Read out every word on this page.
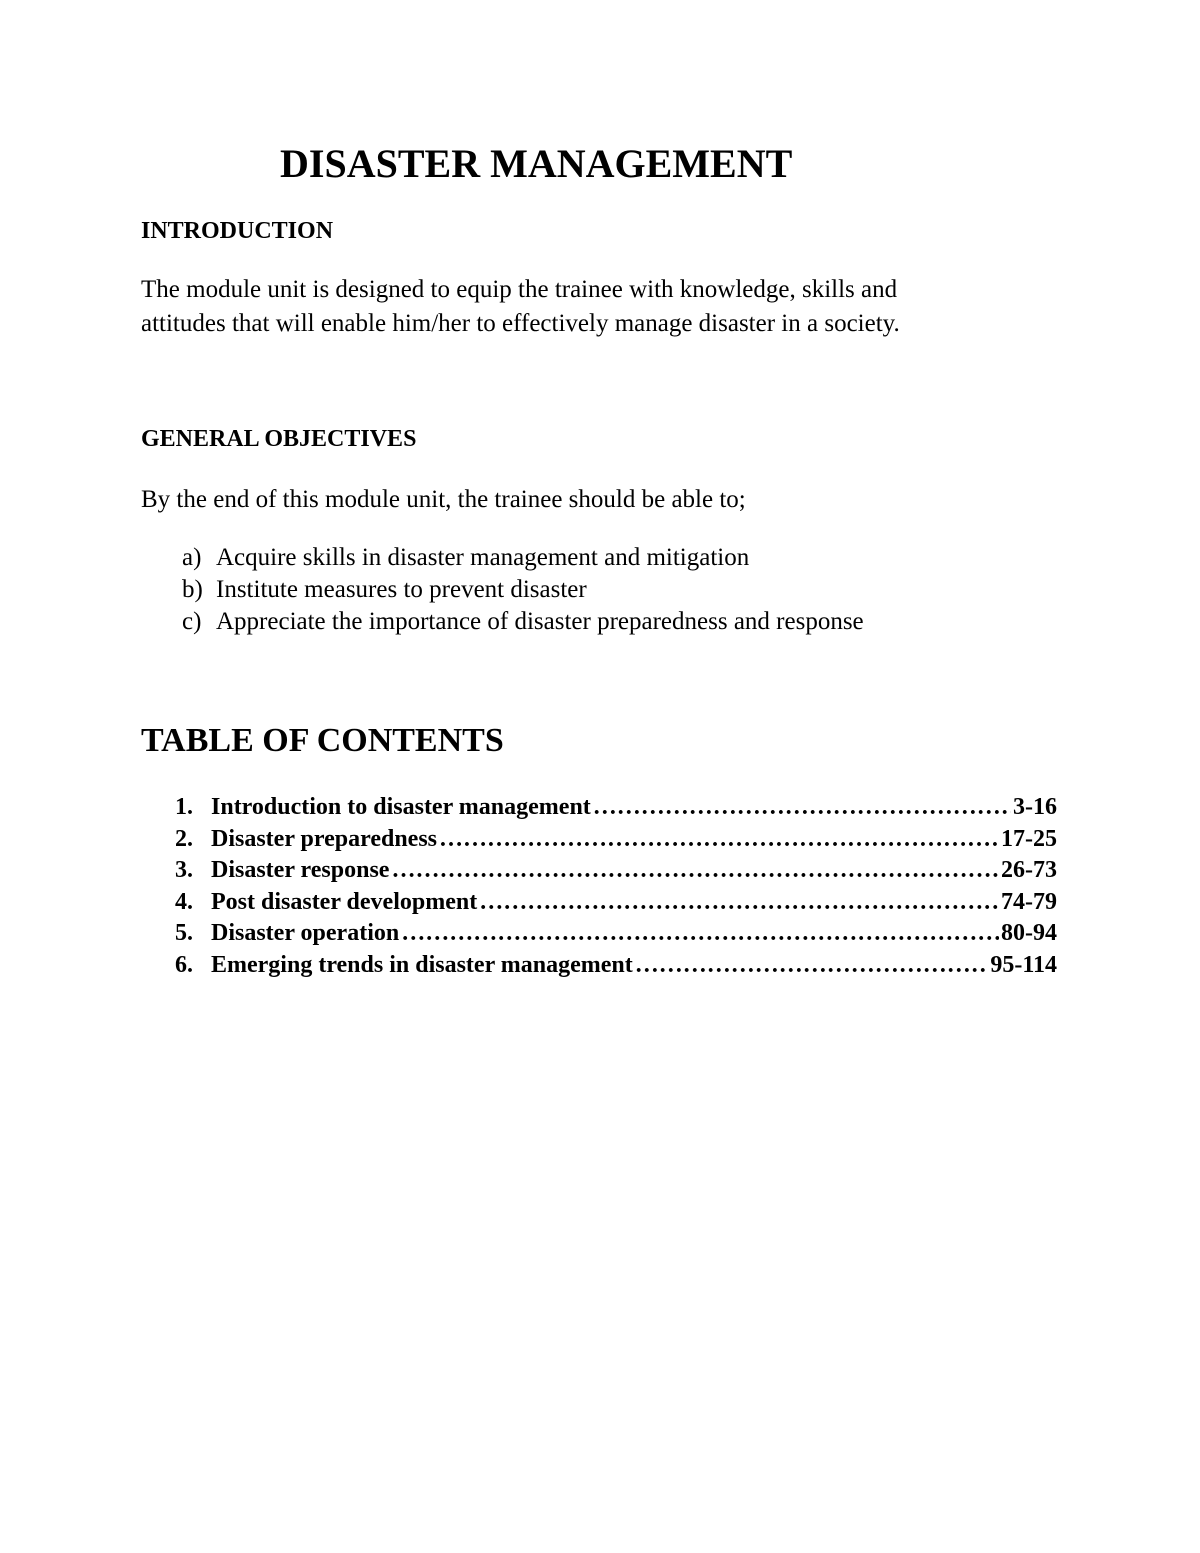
DISASTER MANAGEMENT
INTRODUCTION

The module unit is designed to equip the trainee with knowledge, skills and
attitudes that will enable him/her to effectively manage disaster in a society.

GENERAL OBJECTIVES

By the end of this module unit, the trainee should be able to;

a) Acquire skills in disaster management and mitigation
b) Institute measures to prevent disaster
c) Appreciate the importance of disaster preparedness and response
TABLE OF CONTENTS
1. Introduction to disaster management ……………………………………………………………………………………………………………………………	3-16
2. Disaster preparedness ……………………………………………………………………………………………………………………………	17-25
3. Disaster response ……………………………………………………………………………………………………………………………	26-73
4. Post disaster development ……………………………………………………………………………………………………………………………	74-79
5. Disaster operation ……………………………………………………………………………………………………………………………	80-94
6. Emerging trends in disaster management ……………………………………………………………………………………………………………………………	95-114
